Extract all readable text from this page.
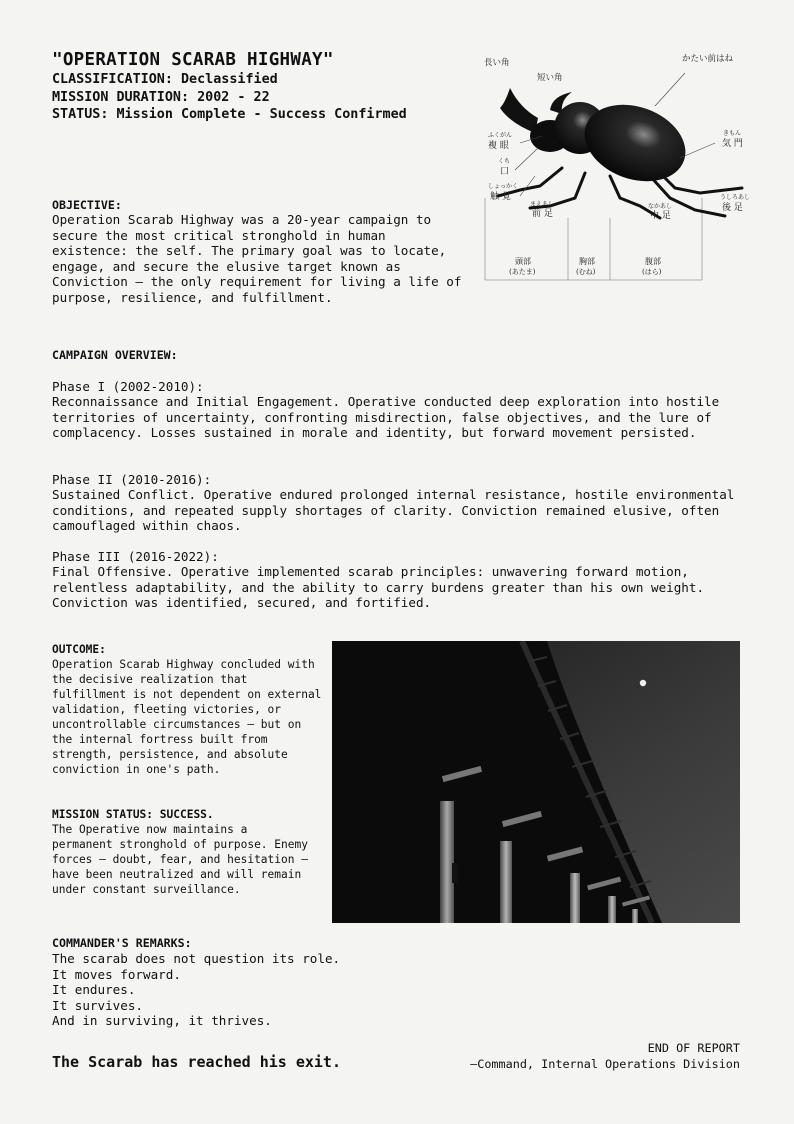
"OPERATION SCARAB HIGHWAY"
CLASSIFICATION: Declassified
MISSION DURATION: 2002 - 22
STATUS: Mission Complete - Success Confirmed
長い角
短い角
かたい前はね
ふくがん
複 眼
くち
口
しょっかく
触 覚
きもん
気 門
まえあし
前 足
なかあし
中 足
うしろあし
後 足
頭部
(あたま)
胸部
(むね)
腹部
(はら)
OBJECTIVE:

Operation Scarab Highway was a 20-year campaign to secure the most critical stronghold in human existence: the self. The primary goal was to locate, engage, and secure the elusive target known as Conviction — the only requirement for living a life of purpose, resilience, and fulfillment.

CAMPAIGN OVERVIEW:
Phase I (2002-2010):

Reconnaissance and Initial Engagement. Operative conducted deep exploration into hostile territories of uncertainty, confronting misdirection, false objectives, and the lure of complacency. Losses sustained in morale and identity, but forward movement persisted.

Phase II (2010-2016):

Sustained Conflict. Operative endured prolonged internal resistance, hostile environmental conditions, and repeated supply shortages of clarity. Conviction remained elusive, often camouflaged within chaos.

Phase III (2016-2022):

Final Offensive. Operative implemented scarab principles: unwavering forward motion, relentless adaptability, and the ability to carry burdens greater than his own weight. Conviction was identified, secured, and fortified.

OUTCOME:

Operation Scarab Highway concluded with the decisive realization that fulfillment is not dependent on external validation, fleeting victories, or uncontrollable circumstances — but on the internal fortress built from strength, persistence, and absolute conviction in one's path.

MISSION STATUS: SUCCESS.

The Operative now maintains a permanent stronghold of purpose. Enemy forces — doubt, fear, and hesitation — have been neutralized and will remain under constant surveillance.

COMMANDER'S REMARKS:
The scarab does not question its role.
It moves forward.
It endures.
It survives.
And in surviving, it thrives.
The Scarab has reached his exit.
END OF REPORT
—Command, Internal Operations Division
